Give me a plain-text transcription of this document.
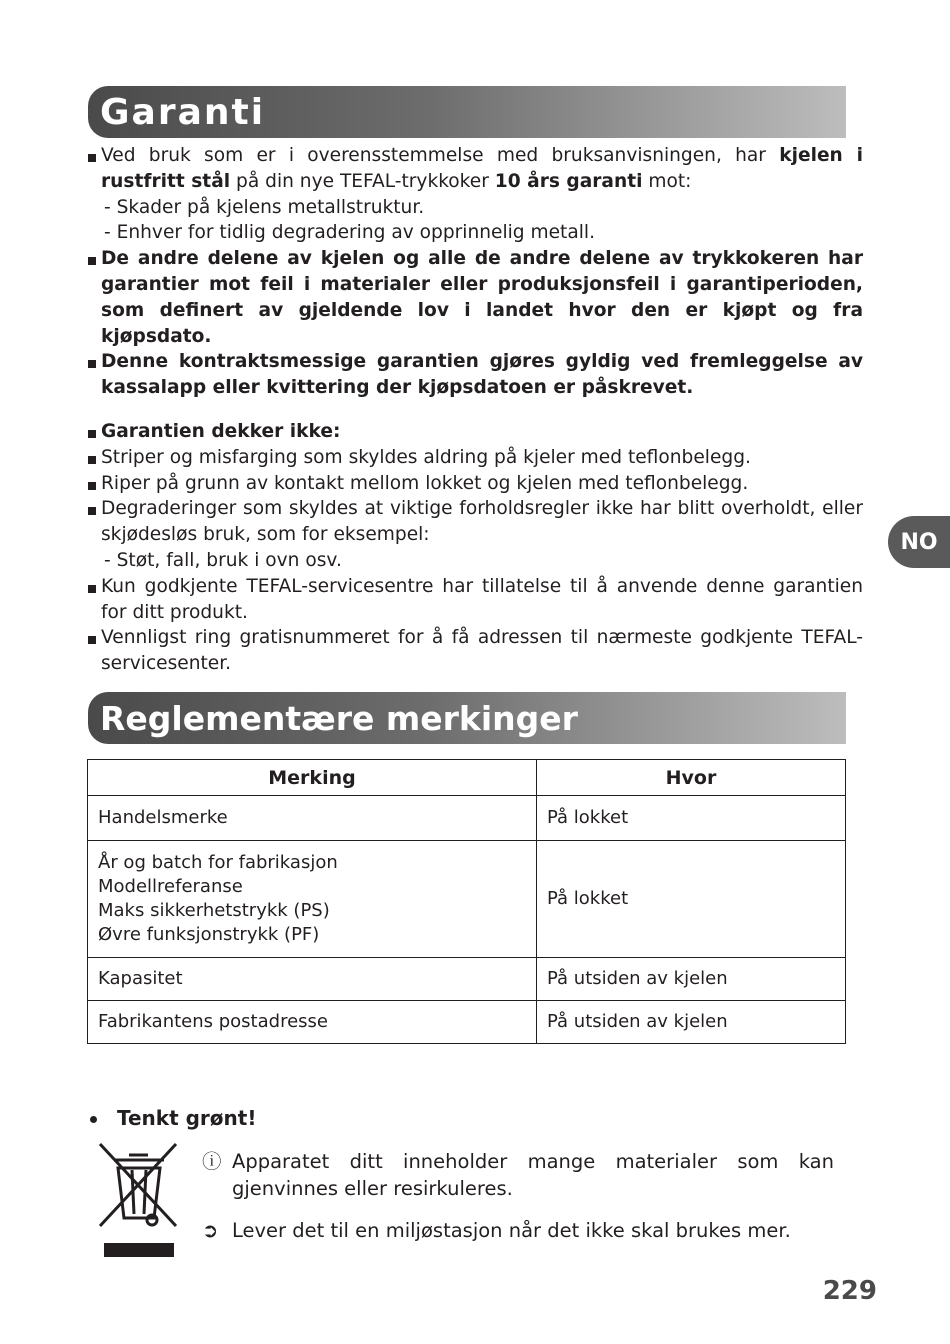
Garanti

Ved bruk som er i overensstemmelse med bruksanvisningen, har kjelen i rustfritt stål på din nye TEFAL-trykkoker 10 års garanti mot:

- Skader på kjelens metallstruktur.

- Enhver for tidlig degradering av opprinnelig metall.

De andre delene av kjelen og alle de andre delene av trykkokeren har garantier mot feil i materialer eller produksjonsfeil i garantiperioden, som definert av gjeldende lov i landet hvor den er kjøpt og fra kjøpsdato.

Denne kontraktsmessige garantien gjøres gyldig ved fremleggelse av kassalapp eller kvittering der kjøpsdatoen er påskrevet.

Garantien dekker ikke:

Striper og misfarging som skyldes aldring på kjeler med teflonbelegg.

Riper på grunn av kontakt mellom lokket og kjelen med teflonbelegg.

Degraderinger som skyldes at viktige forholdsregler ikke har blitt overholdt, eller skjødesløs bruk, som for eksempel:

- Støt, fall, bruk i ovn osv.

Kun godkjente TEFAL-servicesentre har tillatelse til å anvende denne garantien for ditt produkt.

Vennligst ring gratisnummeret for å få adressen til nærmeste godkjente TEFAL-servicesenter.

NO
Reglementære merkinger
Merking	Hvor
Handelsmerke	På lokket

År og batch for fabrikasjon
Modellreferanse
Maks sikkerhetstrykk (PS)
Øvre funksjonstrykk (PF)	På lokket
Kapasitet	På utsiden av kjelen
Fabrikantens postadresse	På utsiden av kjelen
Tenkt grønt!
ⓘ Apparatet ditt inneholder mange materialer som kan gjenvinnes eller resirkuleres.
➲ Lever det til en miljøstasjon når det ikke skal brukes mer.
229
